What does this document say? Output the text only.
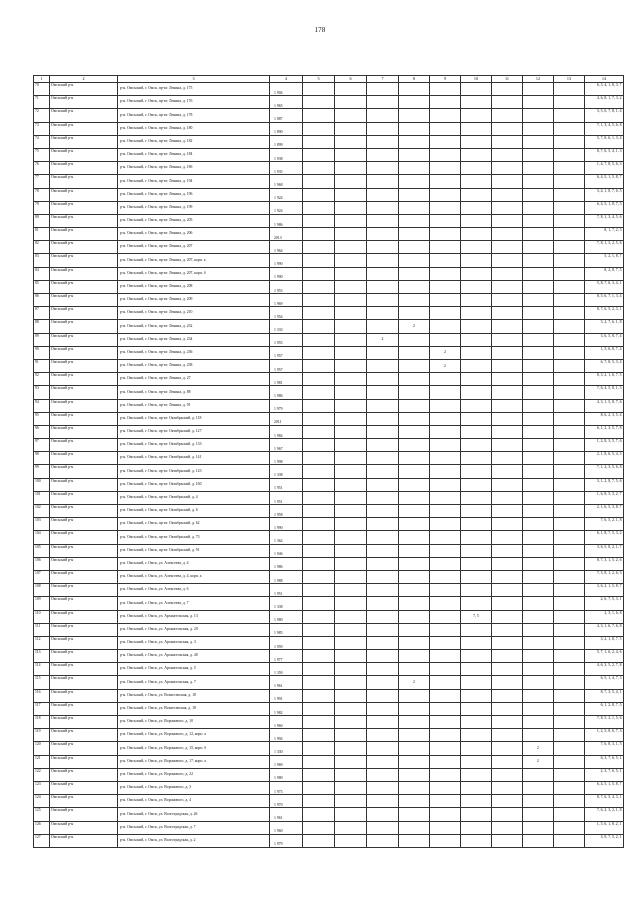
178
1	2	3	4	5	6	7	8	9	10	11	12	13	14
70	Омсьский р-н	р-н. Омсьский, г. Омск, пр-кт. Ленина, д. 175	1 904										6, 5, 4, 1, 8, 3, 7
71	Омсьский р-н	р-н. Омсьский, г. Омск, пр-кт. Ленина, д. 176	1 965										4, 6, 8, 1, 7, 3, 2
72	Омсьский р-н	р-н. Омсьский, г. Омск, пр-кт. Ленина, д. 178	1 887										3, 5, 6, 7, 8, 1, 4
73	Омсьский р-н	р-н. Омсьский, г. Омск, пр-кт. Ленина, д. 180	1 890										7, 1, 3, 4, 5, 6, 8
74	Омсьский р-н	р-н. Омсьский, г. Омск, пр-кт. Ленина, д. 182	1 899										5, 7, 8, 6, 1, 3, 4
75	Омсьский р-н	р-н. Омсьский, г. Омск, пр-кт. Ленина, д. 184	1 938										8, 7, 6, 5, 4, 1, 3
76	Омсьский р-н	р-н. Омсьский, г. Омск, пр-кт. Ленина, д. 186	1 935										1, 4, 7, 8, 5, 6, 3
77	Омсьский р-н	р-н. Омсьский, г. Омск, пр-кт. Ленина, д. 194	1 968										6, 4, 5, 1, 5, 8, 7
78	Омсьский р-н	р-н. Омсьский, г. Омск, пр-кт. Ленина, д. 196	1 924										3, 4, 1, 8, 7, 6, 5
79	Омсьский р-н	р-н. Омсьский, г. Омск, пр-кт. Ленина, д. 199	1 924										6, 4, 5, 1, 8, 7, 3
80	Омсьский р-н	р-н. Омсьский, г. Омск, пр-кт. Ленина, д. 205	1 986										7, 8, 1, 3, 4, 5, 6
81	Омсьский р-н	р-н. Омсьский, г. Омск, пр-кт. Ленина, д. 206	2013										8, 1, 7, 2, 3
82	Омсьский р-н	р-н. Омсьский, г. Омск, пр-кт. Ленина, д. 207	1 964										7, 8, 1, 3, 2, 5, 6
83	Омсьский р-н	р-н. Омсьский, г. Омск, пр-кт. Ленина, д. 207, корп. а	1 990										5, 2, 1, 8, 7
84	Омсьский р-н	р-н. Омсьский, г. Омск, пр-кт. Ленина, д. 207, корп. б	1 990										8, 2, 8, 7, 5
85	Омсьский р-н	р-н. Омсьский, г. Омск, пр-кт. Ленина, д. 208	1 953										5, 8, 7, 6, 3, 4, 1
86	Омсьский р-н	р-н. Омсьский, г. Омск, пр-кт. Ленина, д. 209	1 969										8, 5, 6, 7, 1, 3, 4
87	Омсьский р-н	р-н. Омсьский, г. Омск, пр-кт. Ленина, д. 210	1 954										8, 7, 6, 5, 2, 3, 1
88	Омсьский р-н	р-н. Омсьский, г. Омск, пр-кт. Ленина, д. 232	1 333				2						5, 2, 7, 6, 1, 8
89	Омсьский р-н	р-н. Омсьский, г. Омск, пр-кт. Ленина, д. 234	1 955			2							3, 6, 5, 8, 7, 4
90	Омсьский р-н	р-н. Омсьский, г. Омск, пр-кт. Ленина, д. 236	1 957					2					1, 5, 6, 8, 7, 4
91	Омсьский р-н	р-н. Омсьский, г. Омск, пр-кт. Ленина, д. 238	1 957					2					6, 7, 8, 5, 3, 4
92	Омсьский р-н	р-н. Омсьский, г. Омск, пр-кт. Ленина, д. 27	1 981										8, 3, 2, 1, 6, 7, 5
93	Омсьский р-н	р-н. Омсьский, г. Омск, пр-кт. Ленина, д. 88	1 986										7, 6, 4, 5, 8, 1, 3
94	Омсьский р-н	р-н. Омсьский, г. Омск, пр-кт. Ленина, д. 91	1 979										4, 3, 1, 5, 8, 7, 6
95	Омсьский р-н	р-н. Омсьский, г. Омск, пр-кт. Октябрьский, д. 118	2011										8, 6, 2, 3, 5, 4
96	Омсьский р-н	р-н. Омсьский, г. Омск, пр-кт. Октябрьский, д. 127	1 984										6, 1, 2, 3, 5, 7, 8
97	Омсьский р-н	р-н. Омсьский, г. Омск, пр-кт. Октябрьский, д. 133	1 967										1, 2, 8, 3, 5, 7, 6
98	Омсьский р-н	р-н. Омсьский, г. Омск, пр-кт. Октябрьский, д. 141	1 998										2, 1, 8, 6, 5, 4, 3
99	Омсьский р-н	р-н. Омсьский, г. Омск, пр-кт. Октябрьский, д. 143	1 338										7, 1, 2, 3, 5, 6, 8
100	Омсьский р-н	р-н. Омсьский, г. Омск, пр-кт. Октябрьский, д. 160	1 951										3, 1, 2, 8, 7, 5, 6
101	Омсьский р-н	р-н. Омсьский, г. Омск, пр-кт. Октябрьский, д. 4	1 951										1, 6, 8, 5, 3, 2, 7
102	Омсьский р-н	р-н. Омсьский, г. Омск, пр-кт. Октябрьский, д. 6	1 958										2, 1, 6, 5, 3, 8, 7
103	Омсьский р-н	р-н. Омсьский, г. Омск, пр-кт. Октябрьский, д. 62	1 990										7, 6, 5, 2, 1, 8
104	Омсьский р-н	р-н. Омсьский, г. Омск, пр-кт. Октябрьский, д. 73	1 362										6, 1, 8, 7, 5, 3, 2
105	Омсьский р-н	р-н. Омсьский, г. Омск, пр-кт. Октябрьский, д. 91	1 946										3, 6, 5, 8, 2, 1, 7
106	Омсьский р-н	р-н. Омсьский, г. Омск, ул. Алексеева, д. 4	1 986										8, 7, 3, 1, 5, 2, 6
107	Омсьский р-н	р-н. Омсьский, г. Омск, ул. Алексеева, д. 4, корп. а	1 988										7, 5, 8, 1, 2, 6, 3
108	Омсьский р-н	р-н. Омсьский, г. Омск, ул. Алексеева, д. 6	1 951										3, 6, 2, 1, 5, 8, 7
109	Омсьский р-н	р-н. Омсьский, г. Омск, ул. Алексеева, д. 7	1 338										2, 6, 7, 5, 3, 1
110	Омсьский р-н	р-н. Омсьский, г. Омск, ул. Архангельская, д. 13	1 980						7, 5				2, 3, 1, 6, 8
111	Омсьский р-н	р-н. Омсьский, г. Омск, ул. Архангельская, д. 20	1 985										4, 3, 1, 6, 7, 6, 8
112	Омсьский р-н	р-н. Омсьский, г. Омск, ул. Архангельская, д. 3	1 959										3, 2, 1, 8, 7, 5
113	Омсьский р-н	р-н. Омсьский, г. Омск, ул. Архангельская, д. 40	1 977										5, 7, 1, 6, 2, 4, 6
114	Омсьский р-н	р-н. Омсьский, г. Омск, ул. Архангельская, д. 5	1 359										4, 6, 3, 5, 2, 7, 8
115	Омсьский р-н	р-н. Омсьский, г. Омск, ул. Архангельская, д. 7	1 961				2						6, 5, 1, 4, 7, 3
116	Омсьский р-н	р-н. Омсьский, г. Омск, ул. Вознесенская, д. 18	1 991										8, 7, 3, 5, 4, 1
117	Омсьский р-н	р-н. Омсьский, г. Омск, ул. Вознесенская, д. 18	1 982										6, 1, 2, 8, 7, 5
118	Омсьский р-н	р-н. Омсьский, г. Омск, ул. Воронового, д. 10	1 960										7, 8, 5, 2, 1, 5, 6
119	Омсьский р-н	р-н. Омсьский, г. Омск, ул. Воронового, д. 12, корп. а	1 994										1, 2, 5, 8, 6, 7, 3
120	Омсьский р-н	р-н. Омсьский, г. Омск, ул. Воронового, д. 15, корп. б	1 330								2		7, 6, 8, 3, 1, 5
121	Омсьский р-н	р-н. Омсьский, г. Омск, ул. Воронового, д. 17, корп. а	1 969								2		6, 3, 7, 6, 5, 1
122	Омсьский р-н	р-н. Омсьский, г. Омск, ул. Воронового, д. 22	1 980										2, 3, 7, 6, 5, 1
123	Омсьский р-н	р-н. Омсьский, г. Омск, ул. Воронового, д. 3	1 973										6, 4, 5, 1, 5, 8, 7
124	Омсьский р-н	р-н. Омсьский, г. Омск, ул. Воронового, д. 4	1 970										8, 7, 6, 5, 4, 3, 1
125	Омсьский р-н	р-н. Омсьский, г. Омск, ул. Волгоградская, д. 26	1 961										7, 6, 2, 3, 2, 1, 8
126	Омсьский р-н	р-н. Омсьский, г. Омск, ул. Волгоградская, д. 7	1 960										1, 5, 6, 1, 8, 2, 1
127	Омсьский р-н	р-н. Омсьский, г. Омск, ул. Волгоградская, д. 2	1 979										3, 9, 7, 5, 2, 1
